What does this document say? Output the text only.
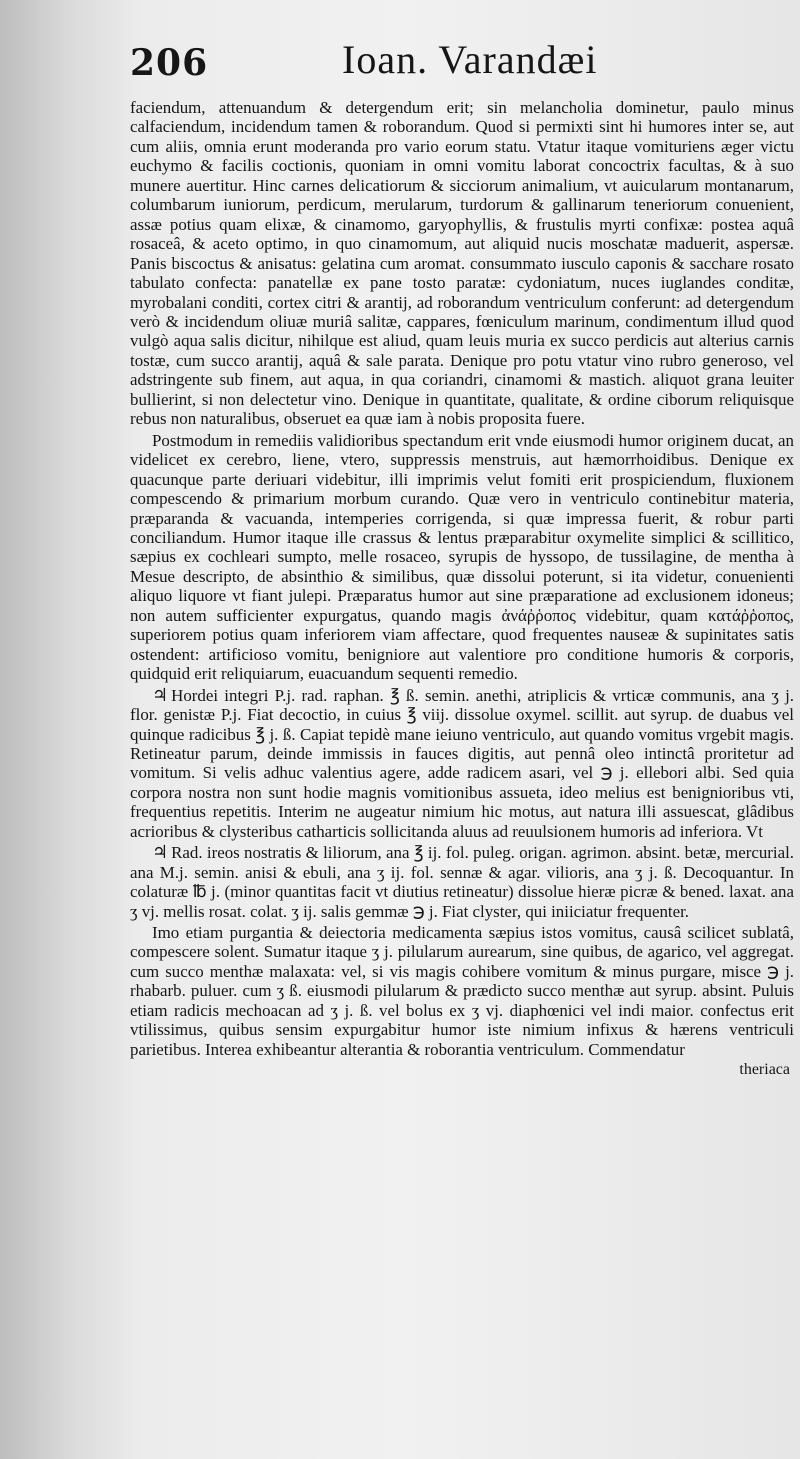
206	Ioan. Varandæi

faciendum, attenuandum & detergendum erit; sin melancholia dominetur, paulo minus calfaciendum, incidendum tamen & roborandum. Quod si permixti sint hi humores inter se, aut cum aliis, omnia erunt moderanda pro vario eorum statu. Vtatur itaque vomituriens æger victu euchymo & facilis coctionis, quoniam in omni vomitu laborat concoctrix facultas, & à suo munere auertitur. Hinc carnes delicatiorum & sicciorum animalium, vt auicularum montanarum, columbarum iuniorum, perdicum, merularum, turdorum & gallinarum teneriorum conuenient, assæ potius quam elixæ, & cinamomo, garyophyllis, & frustulis myrti confixæ: postea aquâ rosaceâ, & aceto optimo, in quo cinamomum, aut aliquid nucis moschatæ maduerit, aspersæ. Panis biscoctus & anisatus: gelatina cum aromat. consummato iusculo caponis & sacchare rosato tabulato confecta: panatellæ ex pane tosto paratæ: cydoniatum, nuces iuglandes conditæ, myrobalani conditi, cortex citri & arantij, ad roborandum ventriculum conferunt: ad detergendum verò & incidendum oliuæ muriâ salitæ, cappares, fœniculum marinum, condimentum illud quod vulgò aqua salis dicitur, nihilque est aliud, quam leuis muria ex succo perdicis aut alterius carnis tostæ, cum succo arantij, aquâ & sale parata. Denique pro potu vtatur vino rubro generoso, vel adstringente sub finem, aut aqua, in qua coriandri, cinamomi & mastich. aliquot grana leuiter bullierint, si non delectetur vino. Denique in quantitate, qualitate, & ordine ciborum reliquisque rebus non naturalibus, obseruet ea quæ iam à nobis proposita fuere.

Postmodum in remediis validioribus spectandum erit vnde eiusmodi humor originem ducat, an videlicet ex cerebro, liene, vtero, suppressis menstruis, aut hæmorrhoidibus. Denique ex quacunque parte deriuari videbitur, illi imprimis velut fomiti erit prospiciendum, fluxionem compescendo & primarium morbum curando. Quæ vero in ventriculo continebitur materia, præparanda & vacuanda, intemperies corrigenda, si quæ impressa fuerit, & robur parti conciliandum. Humor itaque ille crassus & lentus præparabitur oxymelite simplici & scillitico, sæpius ex cochleari sumpto, melle rosaceo, syrupis de hyssopo, de tussilagine, de mentha à Mesue descripto, de absinthio & similibus, quæ dissolui poterunt, si ita videtur, conuenienti aliquo liquore vt fiant julepi. Præparatus humor aut sine præparatione ad exclusionem idoneus; non autem sufficienter expurgatus, quando magis ἀνάῤῥοπος videbitur, quam κατάῤῥοπος, superiorem potius quam inferiorem viam affectare, quod frequentes nauseæ & supinitates satis ostendent: artificioso vomitu, benigniore aut valentiore pro conditione humoris & corporis, quidquid erit reliquiarum, euacuandum sequenti remedio.

♃ Hordei integri P.j. rad. raphan. ℥ ß. semin. anethi, atriplicis & vrticæ communis, ana ʒ j. flor. genistæ P.j. Fiat decoctio, in cuius ℥ viij. dissolue oxymel. scillit. aut syrup. de duabus vel quinque radicibus ℥ j. ß. Capiat tepidè mane ieiuno ventriculo, aut quando vomitus vrgebit magis. Retineatur parum, deinde immissis in fauces digitis, aut pennâ oleo intinctâ proritetur ad vomitum. Si velis adhuc valentius agere, adde radicem asari, vel ℈ j. ellebori albi. Sed quia corpora nostra non sunt hodie magnis vomitionibus assueta, ideo melius est benignioribus vti, frequentius repetitis. Interim ne augeatur nimium hic motus, aut natura illi assuescat, glâdibus acrioribus & clysteribus catharticis sollicitanda aluus ad reuulsionem humoris ad inferiora. Vt

♃ Rad. ireos nostratis & liliorum, ana ℥ ij. fol. puleg. origan. agrimon. absint. betæ, mercurial. ana M.j. semin. anisi & ebuli, ana ʒ ij. fol. sennæ & agar. vilioris, ana ʒ j. ß. Decoquantur. In colaturæ ℔ j. (minor quantitas facit vt diutius retineatur) dissolue hieræ picræ & bened. laxat. ana ʒ vj. mellis rosat. colat. ʒ ij. salis gemmæ ℈ j. Fiat clyster, qui iniiciatur frequenter.

Imo etiam purgantia & deiectoria medicamenta sæpius istos vomitus, causâ scilicet sublatâ, compescere solent. Sumatur itaque ʒ j. pilularum aurearum, sine quibus, de agarico, vel aggregat. cum succo menthæ malaxata: vel, si vis magis cohibere vomitum & minus purgare, misce ℈ j. rhabarb. puluer. cum ʒ ß. eiusmodi pilularum & prædicto succo menthæ aut syrup. absint. Puluis etiam radicis mechoacan ad ʒ j. ß. vel bolus ex ʒ vj. diaphœnici vel indi maior. confectus erit vtilissimus, quibus sensim expurgabitur humor iste nimium infixus & hærens ventriculi parietibus. Interea exhibeantur alterantia & roborantia ventriculum. Commendatur

theriaca
